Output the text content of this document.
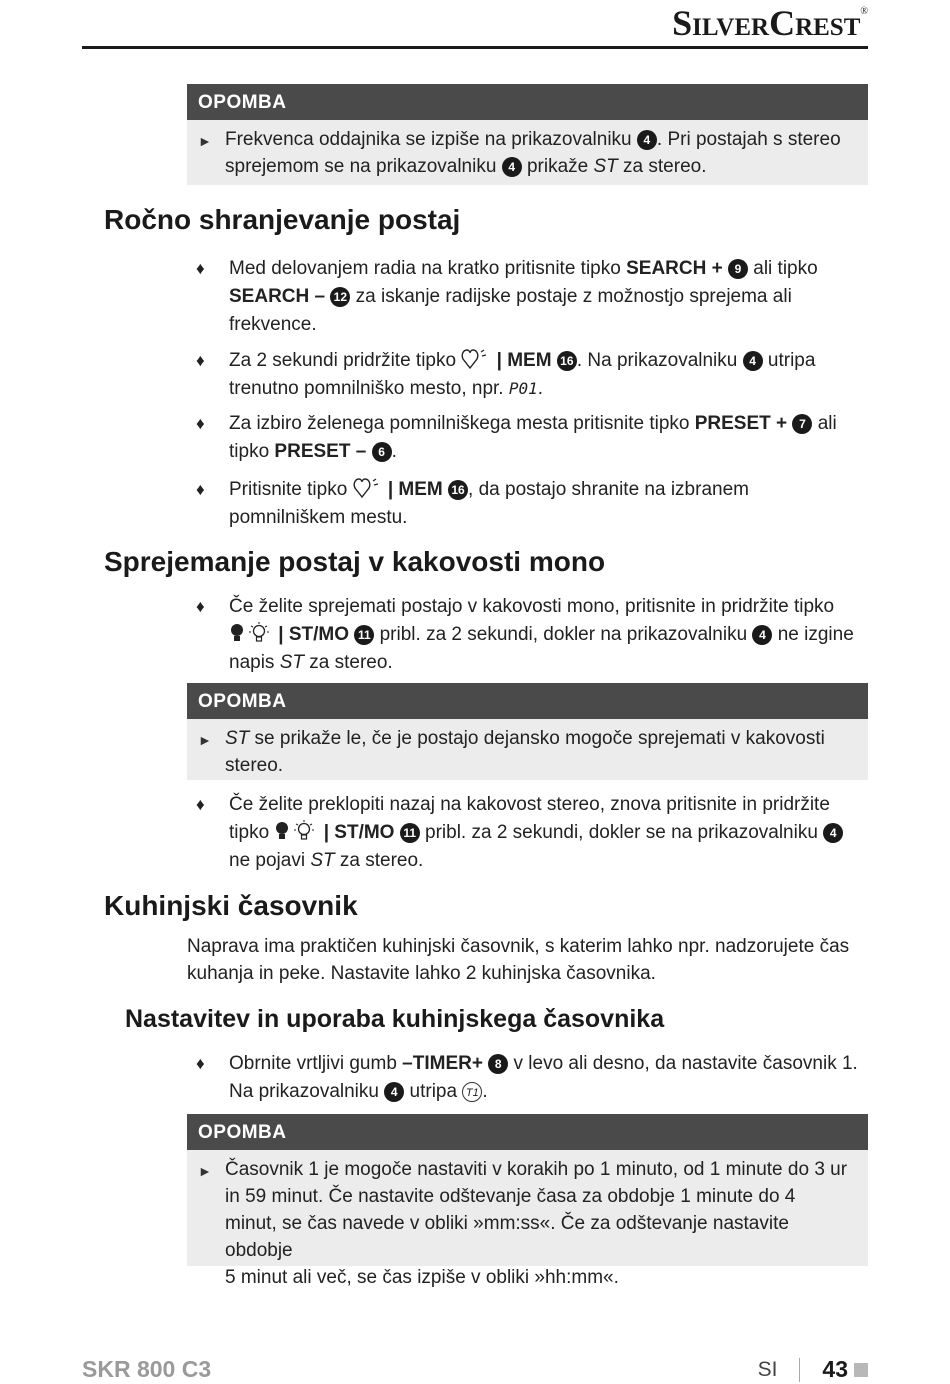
SilverCrest®
OPOMBA
► Frekvenca oddajnika se izpiše na prikazovalniku 4 . Pri postajah s stereo sprejemom se na prikazovalniku 4 prikaže ST za stereo.
Ročno shranjevanje postaj
♦ Med delovanjem radia na kratko pritisnite tipko SEARCH + 9 ali tipko SEARCH – 12 za iskanje radijske postaje z možnostjo sprejema ali frekvence.
♦ Za 2 sekundi pridržite tipko  | MEM 16 . Na prikazovalniku 4 utripa trenutno pomnilniško mesto, npr. P01.
♦ Za izbiro želenega pomnilniškega mesta pritisnite tipko PRESET + 7 ali tipko PRESET – 6 .
♦ Pritisnite tipko  | MEM 16 , da postajo shranite na izbranem pomnilniškem mestu.
Sprejemanje postaj v kakovosti mono
♦ Če želite sprejemati postajo v kakovosti mono, pritisnite in pridržite tipko  | ST/MO 11 pribl. za 2 sekundi, dokler na prikazovalniku 4 ne izgine napis ST za stereo.
OPOMBA
► ST se prikaže le, če je postajo dejansko mogoče sprejemati v kakovosti stereo.
♦ Če želite preklopiti nazaj na kakovost stereo, znova pritisnite in pridržite tipko  | ST/MO 11 pribl. za 2 sekundi, dokler se na prikazovalniku 4 ne pojavi ST za stereo.
Kuhinjski časovnik
Naprava ima praktičen kuhinjski časovnik, s katerim lahko npr. nadzorujete čas kuhanja in peke. Nastavite lahko 2 kuhinjska časovnika.
Nastavitev in uporaba kuhinjskega časovnika
♦ Obrnite vrtljivi gumb –TIMER+ 8 v levo ali desno, da nastavite časovnik 1. Na prikazovalniku 4 utripa T1 .
OPOMBA
► Časovnik 1 je mogoče nastaviti v korakih po 1 minuto, od 1 minute do 3 ur in 59 minut. Če nastavite odštevanje časa za obdobje 1 minute do 4 minut, se čas navede v obliki »mm:ss«. Če za odštevanje nastavite obdobje
5 minut ali več, se čas izpiše v obliki »hh:mm«.
SKR 800 C3	SI 43
